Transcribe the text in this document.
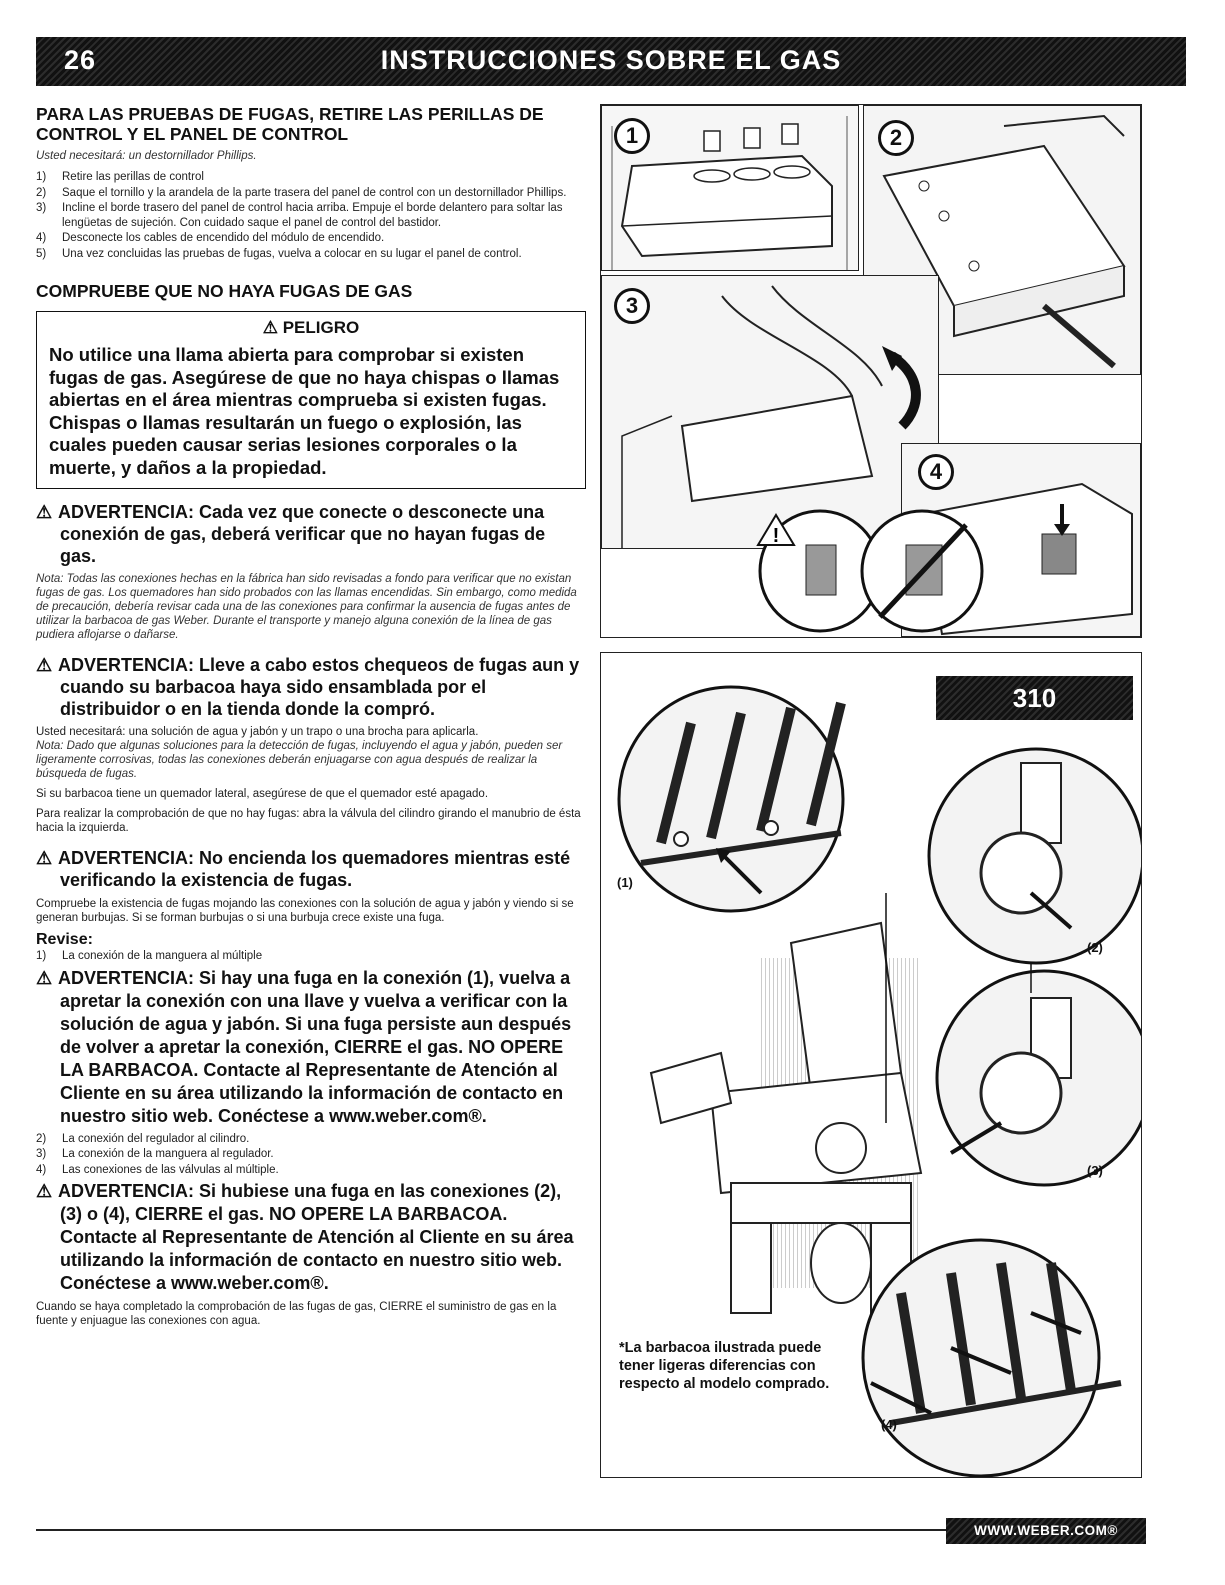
26	INSTRUCCIONES SOBRE EL GAS
PARA LAS PRUEBAS DE FUGAS, RETIRE LAS PERILLAS DE CONTROL Y EL PANEL DE CONTROL
Usted necesitará: un destornillador Phillips.
1)	Retire las perillas de control
2)	Saque el tornillo y la arandela de la parte trasera del panel de control con un destornillador Phillips.
3)	Incline el borde trasero del panel de control hacia arriba. Empuje el borde delantero para soltar las lengüetas de sujeción. Con cuidado saque el panel de control del bastidor.
4)	Desconecte los cables de encendido del módulo de encendido.
5)	Una vez concluidas las pruebas de fugas, vuelva a colocar en su lugar el panel de control.
COMPRUEBE QUE NO HAYA FUGAS DE GAS
⚠ PELIGRO
No utilice una llama abierta para comprobar si existen fugas de gas. Asegúrese de que no haya chispas o llamas abiertas en el área mientras comprueba si existen fugas. Chispas o llamas resultarán un fuego o explosión, las cuales pueden causar serias lesiones corporales o la muerte, y daños a la propiedad.
⚠ ADVERTENCIA: Cada vez que conecte o desconecte una conexión de gas, deberá verificar que no hayan fugas de gas.
Nota: Todas las conexiones hechas en la fábrica han sido revisadas a fondo para verificar que no existan fugas de gas. Los quemadores han sido probados con las llamas encendidas. Sin embargo, como medida de precaución, debería revisar cada una de las conexiones para confirmar la ausencia de fugas antes de utilizar la barbacoa de gas Weber. Durante el transporte y manejo alguna conexión de la línea de gas pudiera aflojarse o dañarse.
⚠ ADVERTENCIA: Lleve a cabo estos chequeos de fugas aun y cuando su barbacoa haya sido ensamblada por el distribuidor o en la tienda donde la compró.
Usted necesitará: una solución de agua y jabón y un trapo o una brocha para aplicarla.
Nota: Dado que algunas soluciones para la detección de fugas, incluyendo el agua y jabón, pueden ser ligeramente corrosivas, todas las conexiones deberán enjuagarse con agua después de realizar la búsqueda de fugas.
Si su barbacoa tiene un quemador lateral, asegúrese de que el quemador esté apagado.
Para realizar la comprobación de que no hay fugas: abra la válvula del cilindro girando el manubrio de ésta hacia la izquierda.
⚠ ADVERTENCIA: No encienda los quemadores mientras esté verificando la existencia de fugas.
Compruebe la existencia de fugas mojando las conexiones con la solución de agua y jabón y viendo si se generan burbujas. Si se forman burbujas o si una burbuja crece existe una fuga.
Revise:
1)	La conexión de la manguera al múltiple
⚠ ADVERTENCIA: Si hay una fuga en la conexión (1), vuelva a apretar la conexión con una llave y vuelva a verificar con la solución de agua y jabón. Si una fuga persiste aun después de volver a apretar la conexión, CIERRE el gas. NO OPERE LA BARBACOA. Contacte al Representante de Atención al Cliente en su área utilizando la información de contacto en nuestro sitio web. Conéctese a www.weber.com®.
2)	La conexión del regulador al cilindro.
3)	La conexión de la manguera al regulador.
4)	Las conexiones de las válvulas al múltiple.
⚠ ADVERTENCIA: Si hubiese una fuga en las conexiones (2), (3) o (4), CIERRE el gas. NO OPERE LA BARBACOA. Contacte al Representante de Atención al Cliente en su área utilizando la información de contacto en nuestro sitio web. Conéctese a www.weber.com®.
Cuando se haya completado la comprobación de las fugas de gas, CIERRE el suministro de gas en la fuente y enjuague las conexiones con agua.
1	2
3
4
!
310
(1)
(2)
(3)
(4)
*La barbacoa ilustrada puede tener ligeras diferencias con respecto al modelo comprado.
WWW.WEBER.COM®
